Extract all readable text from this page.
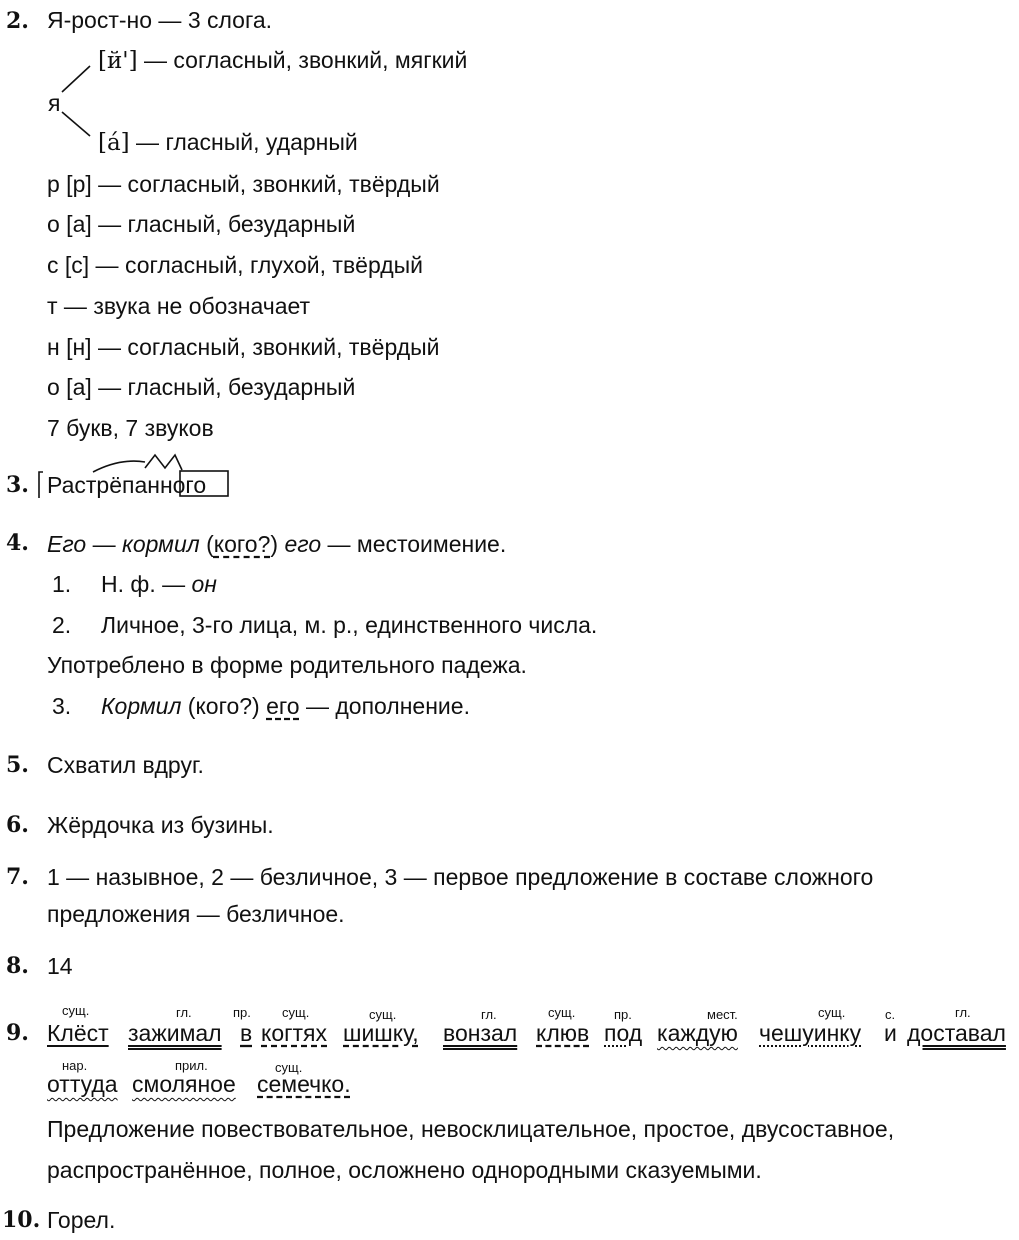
2.
3.
4.
5.
6.
7.
8.
9.
10.
Я-рост-но — 3 слога.
[й'] — согласный, звонкий, мягкий
я
[á] — гласный, ударный
р [р] — согласный, звонкий, твёрдый
о [а] — гласный, безударный
с [с] — согласный, глухой, твёрдый
т — звука не обозначает
н [н] — согласный, звонкий, твёрдый
о [а] — гласный, безударный
7 букв, 7 звуков
Растрёпанного
Его — кормил (кого?) его — местоимение.
1. Н. ф. — он
2. Личное, 3-го лица, м. р., единственного числа.
Употреблено в форме родительного падежа.
3. Кормил (кого?) его — дополнение.
Схватил вдруг.
Жёрдочка из бузины.
1 — назывное, 2 — безличное, 3 — первое предложение в составе сложного
предложения — безличное.
14
Клёст зажимал в когтях шишку, вонзал клюв под каждую чешуинку и доставал
сущ.	гл.	пр. сущ.	сущ.	гл.	сущ.	пр.	мест.	сущ.	с.	гл.
оттуда смоляное семечко.
нар.	прил.	сущ.
Предложение повествовательное, невосклицательное, простое, двусоставное,
распространённое, полное, осложнено однородными сказуемыми.
Горел.
